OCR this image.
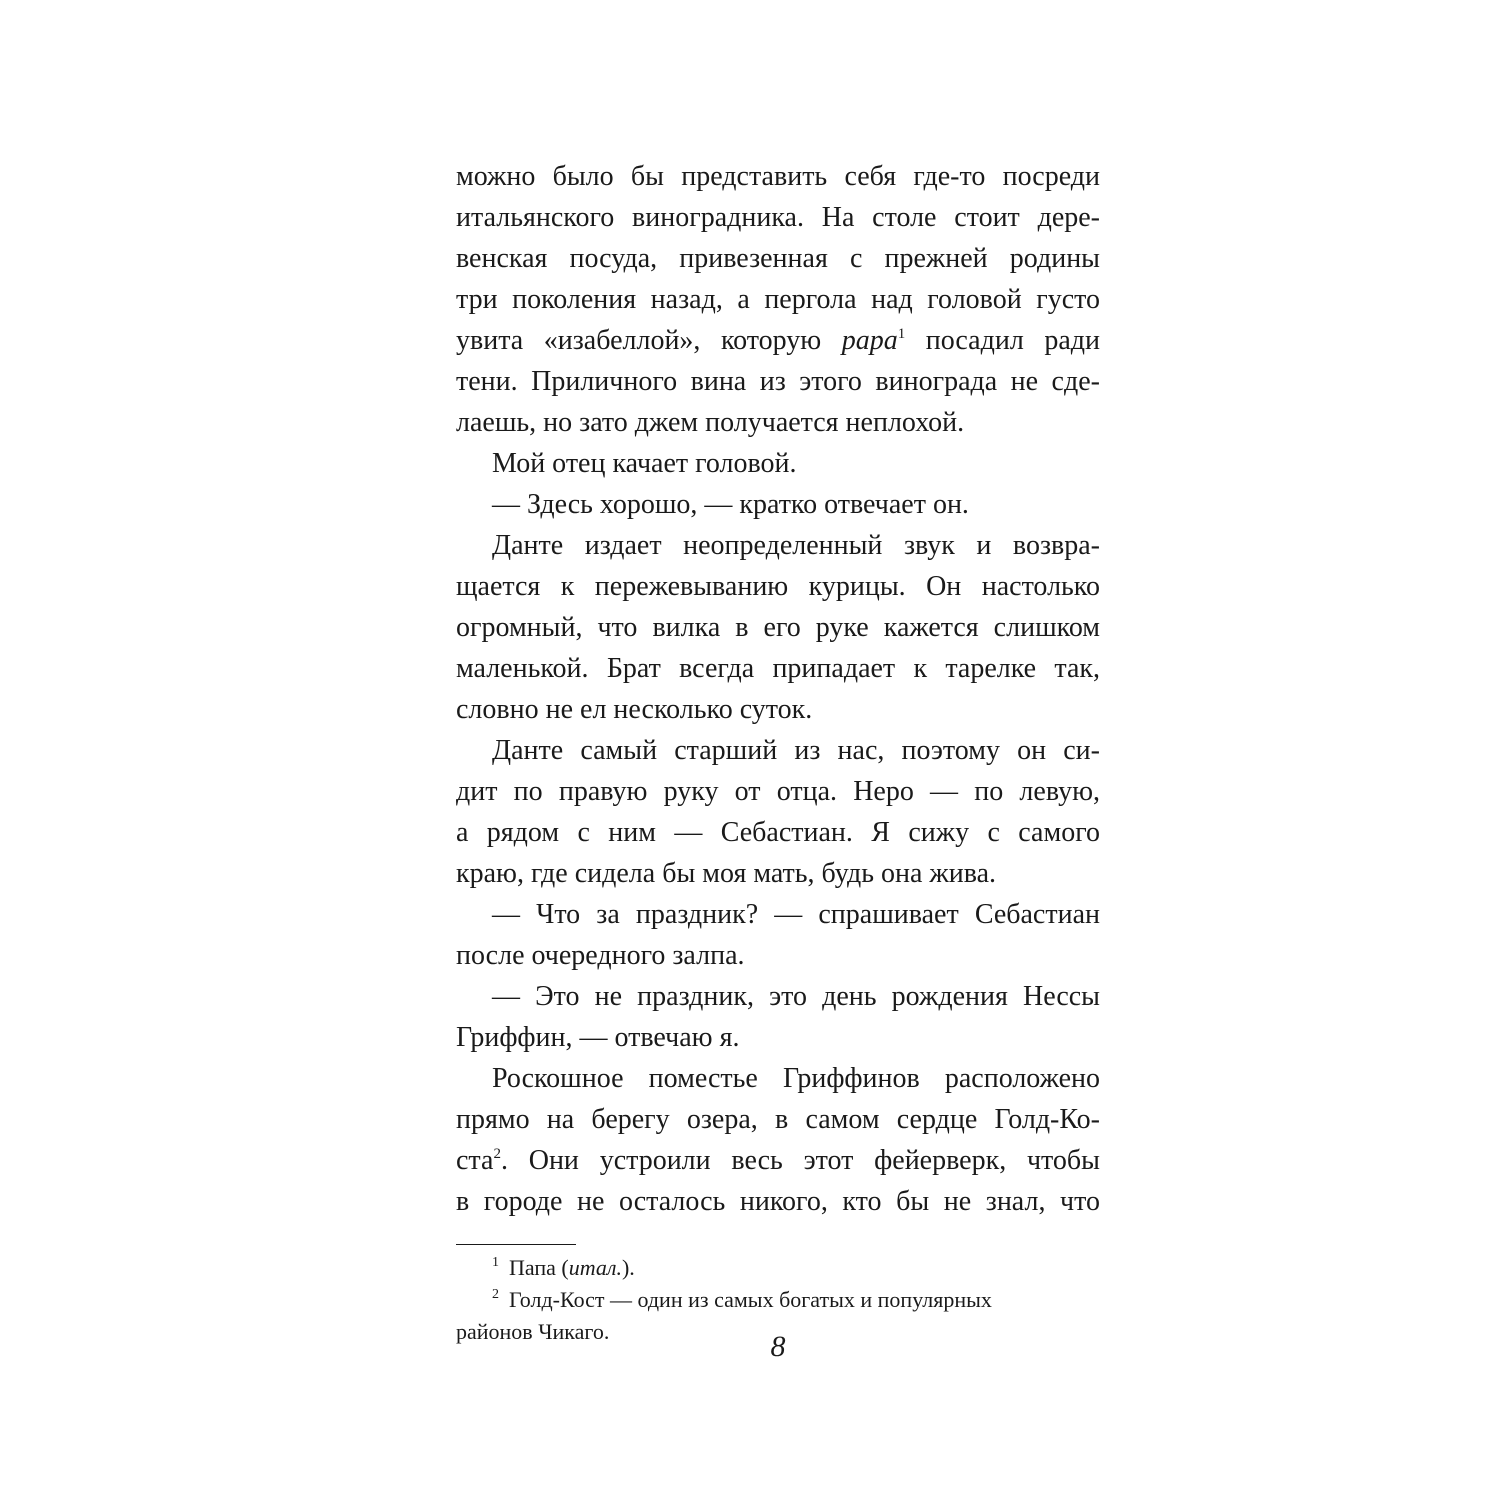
можно было бы представить себя где-то посреди
итальянского виноградника. На столе стоит дере-
венская посуда, привезенная с прежней родины
три поколения назад, а пергола над головой густо
увита «изабеллой», которую papa$^1$ посадил ради
тени. Приличного вина из этого винограда не сде-
лаешь, но зато джем получается неплохой.
Мой отец качает головой.
— Здесь хорошо, — кратко отвечает он.
Данте издает неопределенный звук и возвра-
щается к пережевыванию курицы. Он настолько
огромный, что вилка в его руке кажется слишком
маленькой. Брат всегда припадает к тарелке так,
словно не ел несколько суток.
Данте самый старший из нас, поэтому он си-
дит по правую руку от отца. Неро — по левую,
а рядом с ним — Себастиан. Я сижу с самого
краю, где сидела бы моя мать, будь она жива.
— Что за праздник? — спрашивает Себастиан
после очередного залпа.
— Это не праздник, это день рождения Нессы
Гриффин, — отвечаю я.
Роскошное поместье Гриффинов расположено
прямо на берегу озера, в самом сердце Голд-Ко-
ста$^2$. Они устроили весь этот фейерверк, чтобы
в городе не осталось никого, кто бы не знал, что
$^1$ Папа (итал.).
$^2$ Голд-Кост — один из самых богатых и популярных
районов Чикаго.	8
